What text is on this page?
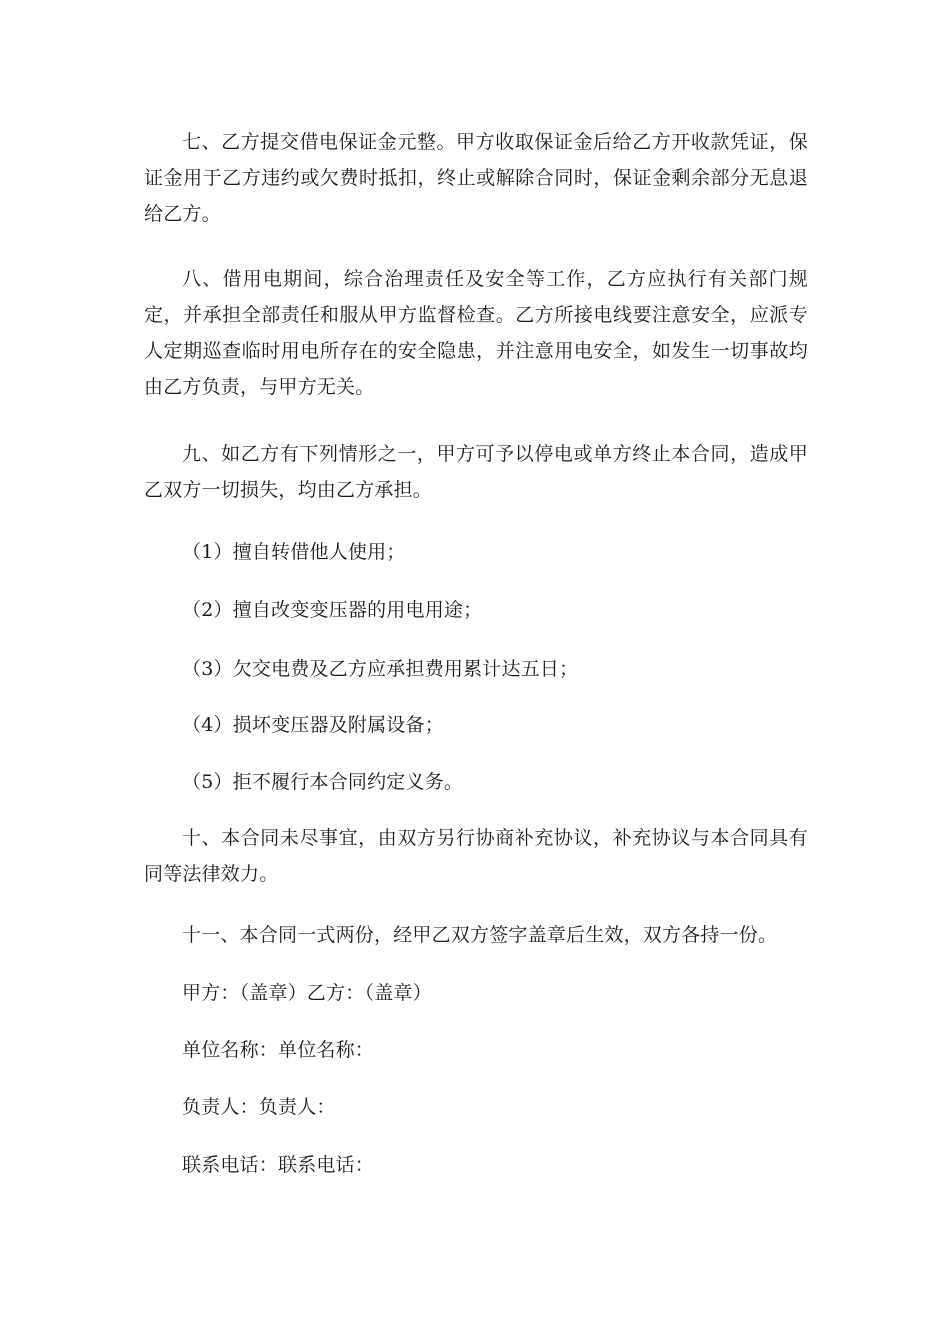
七、乙方提交借电保证金元整。甲方收取保证金后给乙方开收款凭证，保证金用于乙方违约或欠费时抵扣，终止或解除合同时，保证金剩余部分无息退给乙方。

八、借用电期间，综合治理责任及安全等工作，乙方应执行有关部门规定，并承担全部责任和服从甲方监督检查。乙方所接电线要注意安全，应派专人定期巡查临时用电所存在的安全隐患，并注意用电安全，如发生一切事故均由乙方负责，与甲方无关。

九、如乙方有下列情形之一，甲方可予以停电或单方终止本合同，造成甲乙双方一切损失，均由乙方承担。

（1）擅自转借他人使用；

（2）擅自改变变压器的用电用途；

（3）欠交电费及乙方应承担费用累计达五日；

（4）损坏变压器及附属设备；

（5）拒不履行本合同约定义务。

十、本合同未尽事宜，由双方另行协商补充协议，补充协议与本合同具有同等法律效力。

十一、本合同一式两份，经甲乙双方签字盖章后生效，双方各持一份。

甲方：（盖章）乙方：（盖章）

单位名称：单位名称：

负责人：负责人：

联系电话：联系电话：
